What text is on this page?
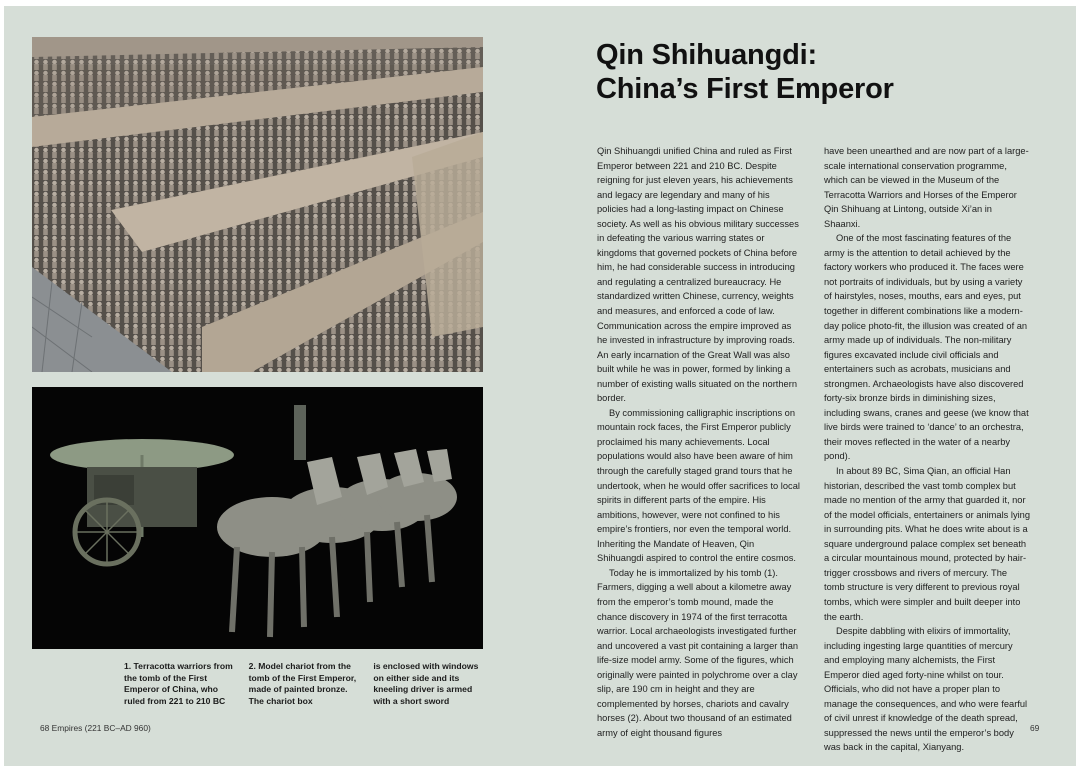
1. Terracotta warriors from the tomb of the First Emperor of China, who ruled from 221 to 210 BC
2. Model chariot from the tomb of the First Emperor, made of painted bronze. The chariot box
is enclosed with windows on either side and its kneeling driver is armed with a short sword
68 Empires (221 BC–AD 960)	69
Qin Shihuangdi:
China’s First Emperor

Qin Shihuangdi unified China and ruled as First Emperor between 221 and 210 BC. Despite reigning for just eleven years, his achievements and legacy are legendary and many of his policies had a long-lasting impact on Chinese society. As well as his obvious military successes in defeating the various warring states or kingdoms that governed pockets of China before him, he had considerable success in introducing and regulating a centralized bureaucracy. He standardized written Chinese, currency, weights and measures, and enforced a code of law. Communication across the empire improved as he invested in infrastructure by improving roads. An early incarnation of the Great Wall was also built while he was in power, formed by linking a number of existing walls situated on the northern border.

By commissioning calligraphic inscriptions on mountain rock faces, the First Emperor publicly proclaimed his many achievements. Local populations would also have been aware of him through the carefully staged grand tours that he undertook, when he would offer sacrifices to local spirits in different parts of the empire. His ambitions, however, were not confined to his empire’s frontiers, nor even the temporal world. Inheriting the Mandate of Heaven, Qin Shihuangdi aspired to control the entire cosmos.

Today he is immortalized by his tomb (1). Farmers, digging a well about a kilometre away from the emperor’s tomb mound, made the chance discovery in 1974 of the first terracotta warrior. Local archaeologists investigated further and uncovered a vast pit containing a larger than life-size model army. Some of the figures, which originally were painted in polychrome over a clay slip, are 190 cm in height and they are complemented by horses, chariots and cavalry horses (2). About two thousand of an estimated army of eight thousand figures

have been unearthed and are now part of a large-scale international conservation programme, which can be viewed in the Museum of the Terracotta Warriors and Horses of the Emperor Qin Shihuang at Lintong, outside Xi’an in Shaanxi.

One of the most fascinating features of the army is the attention to detail achieved by the factory workers who produced it. The faces were not portraits of individuals, but by using a variety of hairstyles, noses, mouths, ears and eyes, put together in different combinations like a modern-day police photo-fit, the illusion was created of an army made up of individuals. The non-military figures excavated include civil officials and entertainers such as acrobats, musicians and strongmen. Archaeologists have also discovered forty-six bronze birds in diminishing sizes, including swans, cranes and geese (we know that live birds were trained to ‘dance’ to an orchestra, their moves reflected in the water of a nearby pond).

In about 89 BC, Sima Qian, an official Han historian, described the vast tomb complex but made no mention of the army that guarded it, nor of the model officials, entertainers or animals lying in surrounding pits. What he does write about is a square underground palace complex set beneath a circular mountainous mound, protected by hair-trigger crossbows and rivers of mercury. The tomb structure is very different to previous royal tombs, which were simpler and built deeper into the earth.

Despite dabbling with elixirs of immortality, including ingesting large quantities of mercury and employing many alchemists, the First Emperor died aged forty-nine whilst on tour. Officials, who did not have a proper plan to manage the consequences, and who were fearful of civil unrest if knowledge of the death spread, suppressed the news until the emperor’s body was back in the capital, Xianyang.
